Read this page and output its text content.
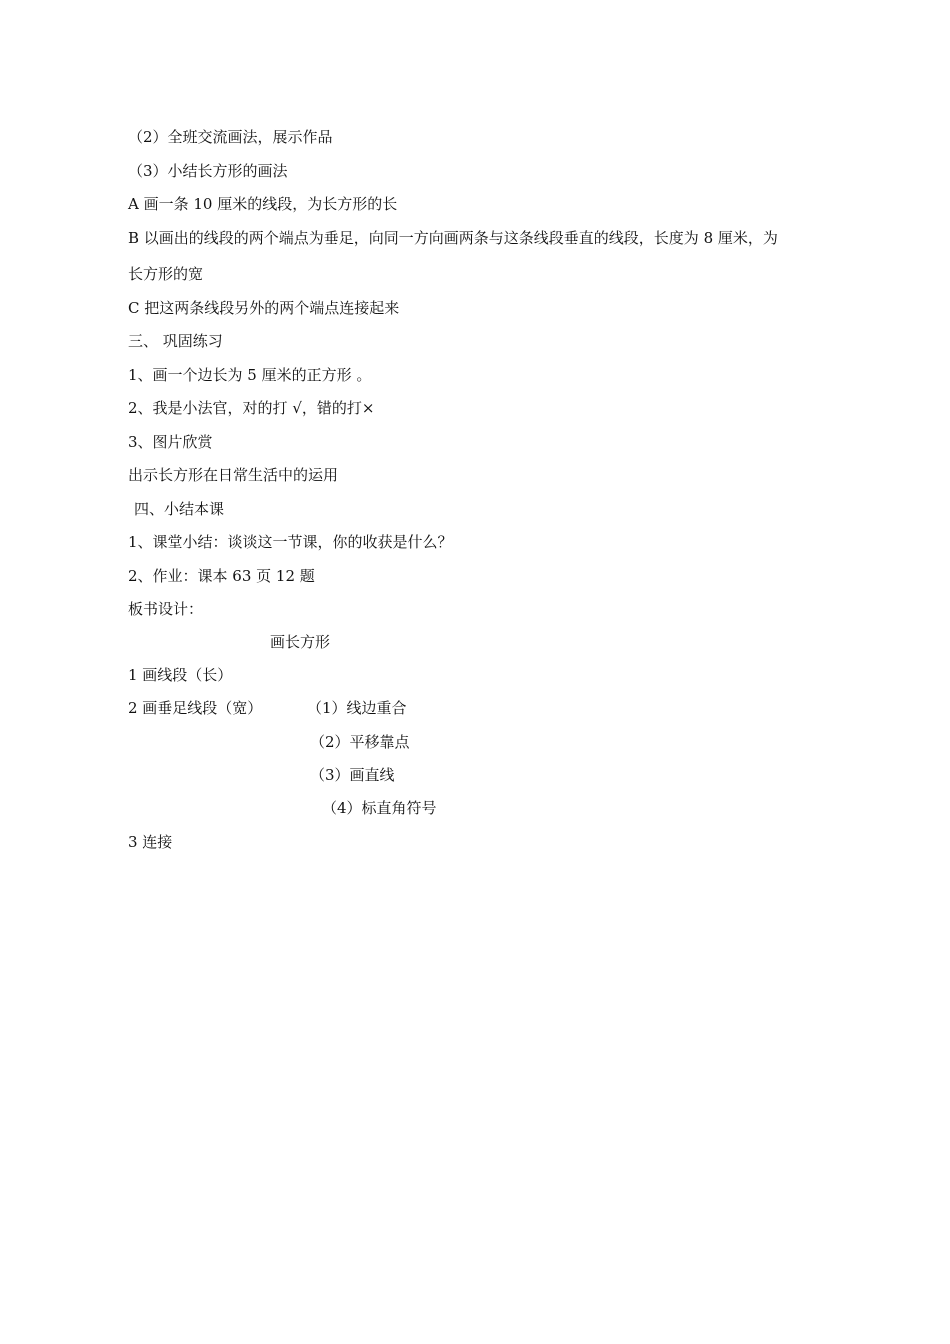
（2）全班交流画法，展示作品
（3）小结长方形的画法
A 画一条 10 厘米的线段，为长方形的长
B 以画出的线段的两个端点为垂足，向同一方向画两条与这条线段垂直的线段，长度为 8 厘米，为
长方形的宽
C 把这两条线段另外的两个端点连接起来
三、 巩固练习
1、画一个边长为 5 厘米的正方形 。
2、我是小法官，对的打 √，错的打×
3、图片欣赏
出示长方形在日常生活中的运用
四、小结本课
1、课堂小结：谈谈这一节课，你的收获是什么？
2、作业：课本 63 页 12 题
板书设计：
画长方形
1 画线段（长）
2 画垂足线段（宽）	（1）线边重合
（2）平移靠点
（3）画直线
（4）标直角符号
3 连接
